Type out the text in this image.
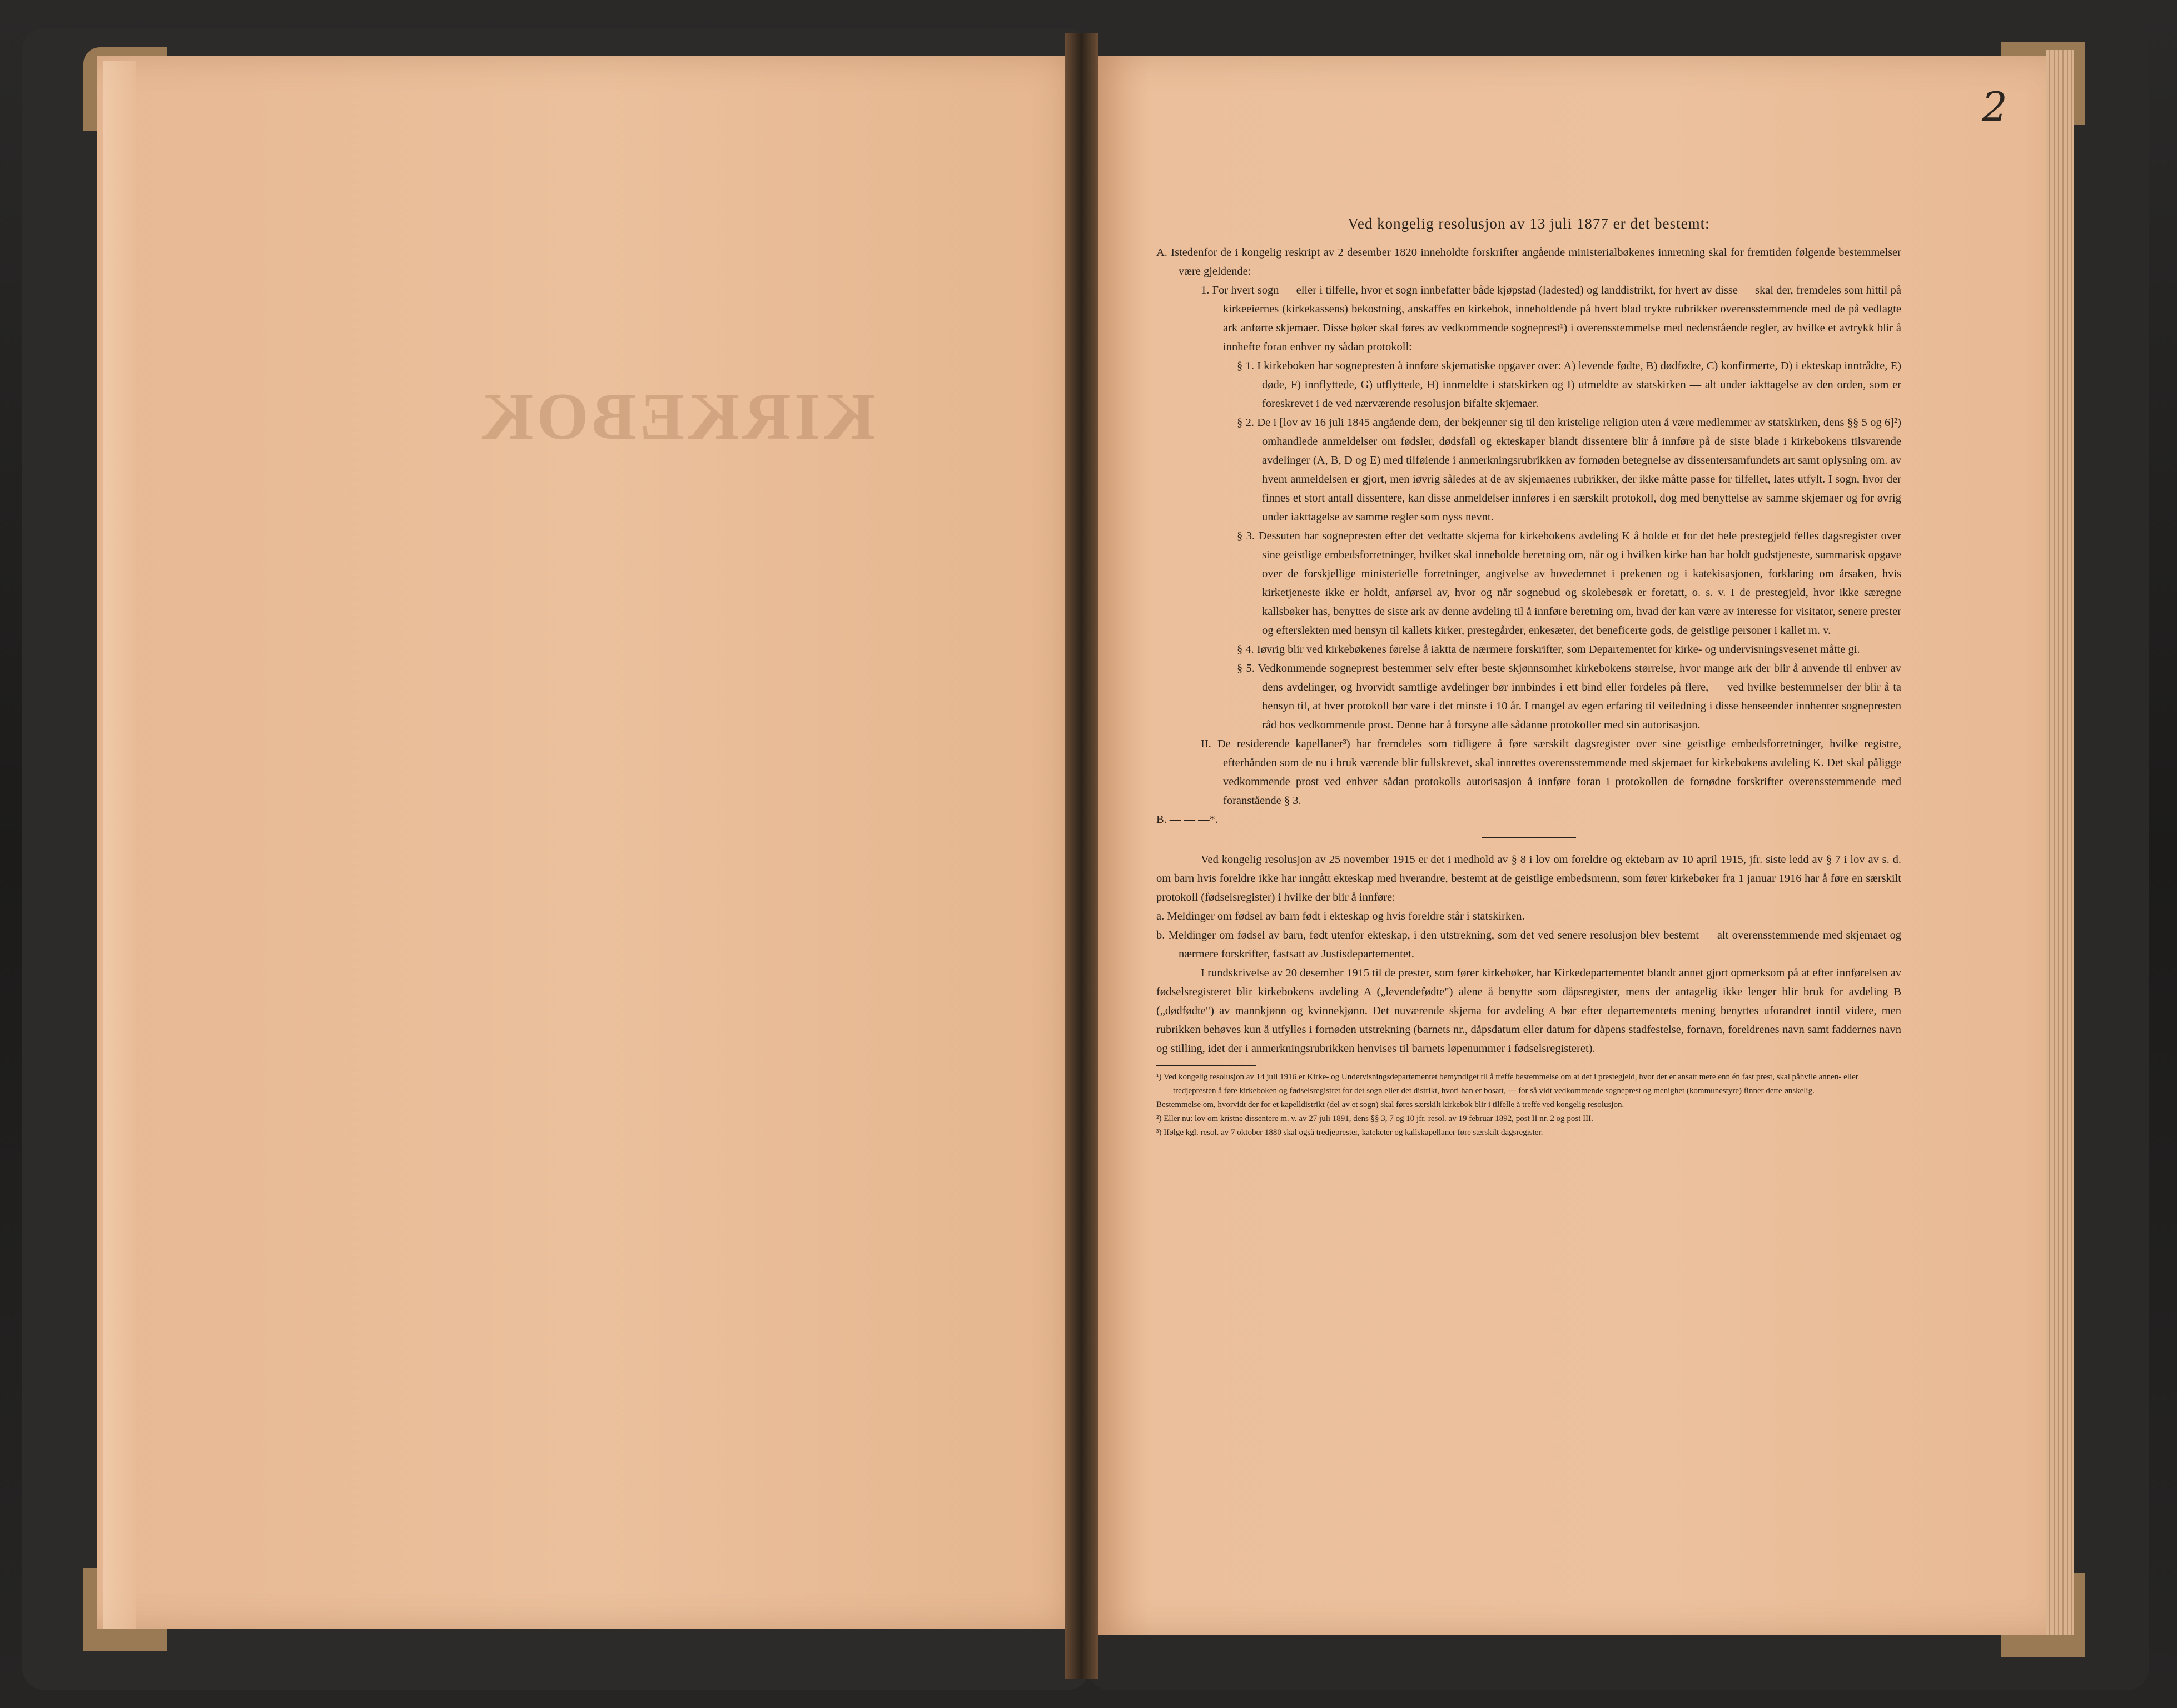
KIRKEBOK
2

Ved kongelig resolusjon av 13 juli 1877 er det bestemt:

A. Istedenfor de i kongelig reskript av 2 desember 1820 inneholdte forskrifter angående ministerialbøkenes innretning skal for fremtiden følgende bestemmelser være gjeldende:

1. For hvert sogn — eller i tilfelle, hvor et sogn innbefatter både kjøpstad (ladested) og landdistrikt, for hvert av disse — skal der, fremdeles som hittil på kirkeeiernes (kirkekassens) bekostning, anskaffes en kirkebok, inneholdende på hvert blad trykte rubrikker overensstemmende med de på vedlagte ark anførte skjemaer. Disse bøker skal føres av vedkommende sogneprest¹) i overensstemmelse med nedenstående regler, av hvilke et avtrykk blir å innhefte foran enhver ny sådan protokoll:

§ 1. I kirkeboken har sognepresten å innføre skjematiske opgaver over: A) levende fødte, B) dødfødte, C) konfirmerte, D) i ekteskap inntrådte, E) døde, F) innflyttede, G) utflyttede, H) innmeldte i statskirken og I) utmeldte av statskirken — alt under iakttagelse av den orden, som er foreskrevet i de ved nærværende resolusjon bifalte skjemaer.

§ 2. De i [lov av 16 juli 1845 angående dem, der bekjenner sig til den kristelige religion uten å være medlemmer av statskirken, dens §§ 5 og 6]²) omhandlede anmeldelser om fødsler, dødsfall og ekteskaper blandt dissentere blir å innføre på de siste blade i kirkebokens tilsvarende avdelinger (A, B, D og E) med tilføiende i anmerkningsrubrikken av fornøden betegnelse av dissentersamfundets art samt oplysning om. av hvem anmeldelsen er gjort, men iøvrig således at de av skjemaenes rubrikker, der ikke måtte passe for tilfellet, lates utfylt. I sogn, hvor der finnes et stort antall dissentere, kan disse anmeldelser innføres i en særskilt protokoll, dog med benyttelse av samme skjemaer og for øvrig under iakttagelse av samme regler som nyss nevnt.

§ 3. Dessuten har sognepresten efter det vedtatte skjema for kirkebokens avdeling K å holde et for det hele prestegjeld felles dagsregister over sine geistlige embedsforretninger, hvilket skal inneholde beretning om, når og i hvilken kirke han har holdt gudstjeneste, summarisk opgave over de forskjellige ministerielle forretninger, angivelse av hovedemnet i prekenen og i katekisasjonen, forklaring om årsaken, hvis kirketjeneste ikke er holdt, anførsel av, hvor og når sognebud og skolebesøk er foretatt, o. s. v. I de prestegjeld, hvor ikke særegne kallsbøker has, benyttes de siste ark av denne avdeling til å innføre beretning om, hvad der kan være av interesse for visitator, senere prester og efterslekten med hensyn til kallets kirker, prestegårder, enkesæter, det beneficerte gods, de geistlige personer i kallet m. v.

§ 4. Iøvrig blir ved kirkebøkenes førelse å iaktta de nærmere forskrifter, som Departementet for kirke- og undervisningsvesenet måtte gi.

§ 5. Vedkommende sogneprest bestemmer selv efter beste skjønnsomhet kirkebokens størrelse, hvor mange ark der blir å anvende til enhver av dens avdelinger, og hvorvidt samtlige avdelinger bør innbindes i ett bind eller fordeles på flere, — ved hvilke bestemmelser der blir å ta hensyn til, at hver protokoll bør vare i det minste i 10 år. I mangel av egen erfaring til veiledning i disse henseender innhenter sognepresten råd hos vedkommende prost. Denne har å forsyne alle sådanne protokoller med sin autorisasjon.

II. De residerende kapellaner³) har fremdeles som tidligere å føre særskilt dagsregister over sine geistlige embedsforretninger, hvilke registre, efterhånden som de nu i bruk værende blir fullskrevet, skal innrettes overensstemmende med skjemaet for kirkebokens avdeling K. Det skal påligge vedkommende prost ved enhver sådan protokolls autorisasjon å innføre foran i protokollen de fornødne forskrifter overensstemmende med foranstående § 3.

B. — — —*.

Ved kongelig resolusjon av 25 november 1915 er det i medhold av § 8 i lov om foreldre og ektebarn av 10 april 1915, jfr. siste ledd av § 7 i lov av s. d. om barn hvis foreldre ikke har inngått ekteskap med hverandre, bestemt at de geistlige embedsmenn, som fører kirkebøker fra 1 januar 1916 har å føre en særskilt protokoll (fødselsregister) i hvilke der blir å innføre:

a. Meldinger om fødsel av barn født i ekteskap og hvis foreldre står i statskirken.

b. Meldinger om fødsel av barn, født utenfor ekteskap, i den utstrekning, som det ved senere resolusjon blev bestemt — alt overensstemmende med skjemaet og nærmere forskrifter, fastsatt av Justisdepartementet.

I rundskrivelse av 20 desember 1915 til de prester, som fører kirkebøker, har Kirkedepartementet blandt annet gjort opmerksom på at efter innførelsen av fødselsregisteret blir kirkebokens avdeling A („levendefødte") alene å benytte som dåpsregister, mens der antagelig ikke lenger blir bruk for avdeling B („dødfødte") av mannkjønn og kvinnekjønn. Det nuværende skjema for avdeling A bør efter departementets mening benyttes uforandret inntil videre, men rubrikken behøves kun å utfylles i fornøden utstrekning (barnets nr., dåpsdatum eller datum for dåpens stadfestelse, fornavn, foreldrenes navn samt faddernes navn og stilling, idet der i anmerkningsrubrikken henvises til barnets løpenummer i fødselsregisteret).

¹) Ved kongelig resolusjon av 14 juli 1916 er Kirke- og Undervisningsdepartementet bemyndiget til å treffe bestemmelse om at det i prestegjeld, hvor der er ansatt mere enn én fast prest, skal påhvile annen- eller tredjepresten å føre kirkeboken og fødselsregistret for det sogn eller det distrikt, hvori han er bosatt, — for så vidt vedkommende sogneprest og menighet (kommunestyre) finner dette ønskelig.

Bestemmelse om, hvorvidt der for et kapelldistrikt (del av et sogn) skal føres særskilt kirkebok blir i tilfelle å treffe ved kongelig resolusjon.

²) Eller nu: lov om kristne dissentere m. v. av 27 juli 1891, dens §§ 3, 7 og 10 jfr. resol. av 19 februar 1892, post II nr. 2 og post III.

³) Ifølge kgl. resol. av 7 oktober 1880 skal også tredjeprester, kateketer og kallskapellaner føre særskilt dagsregister.
